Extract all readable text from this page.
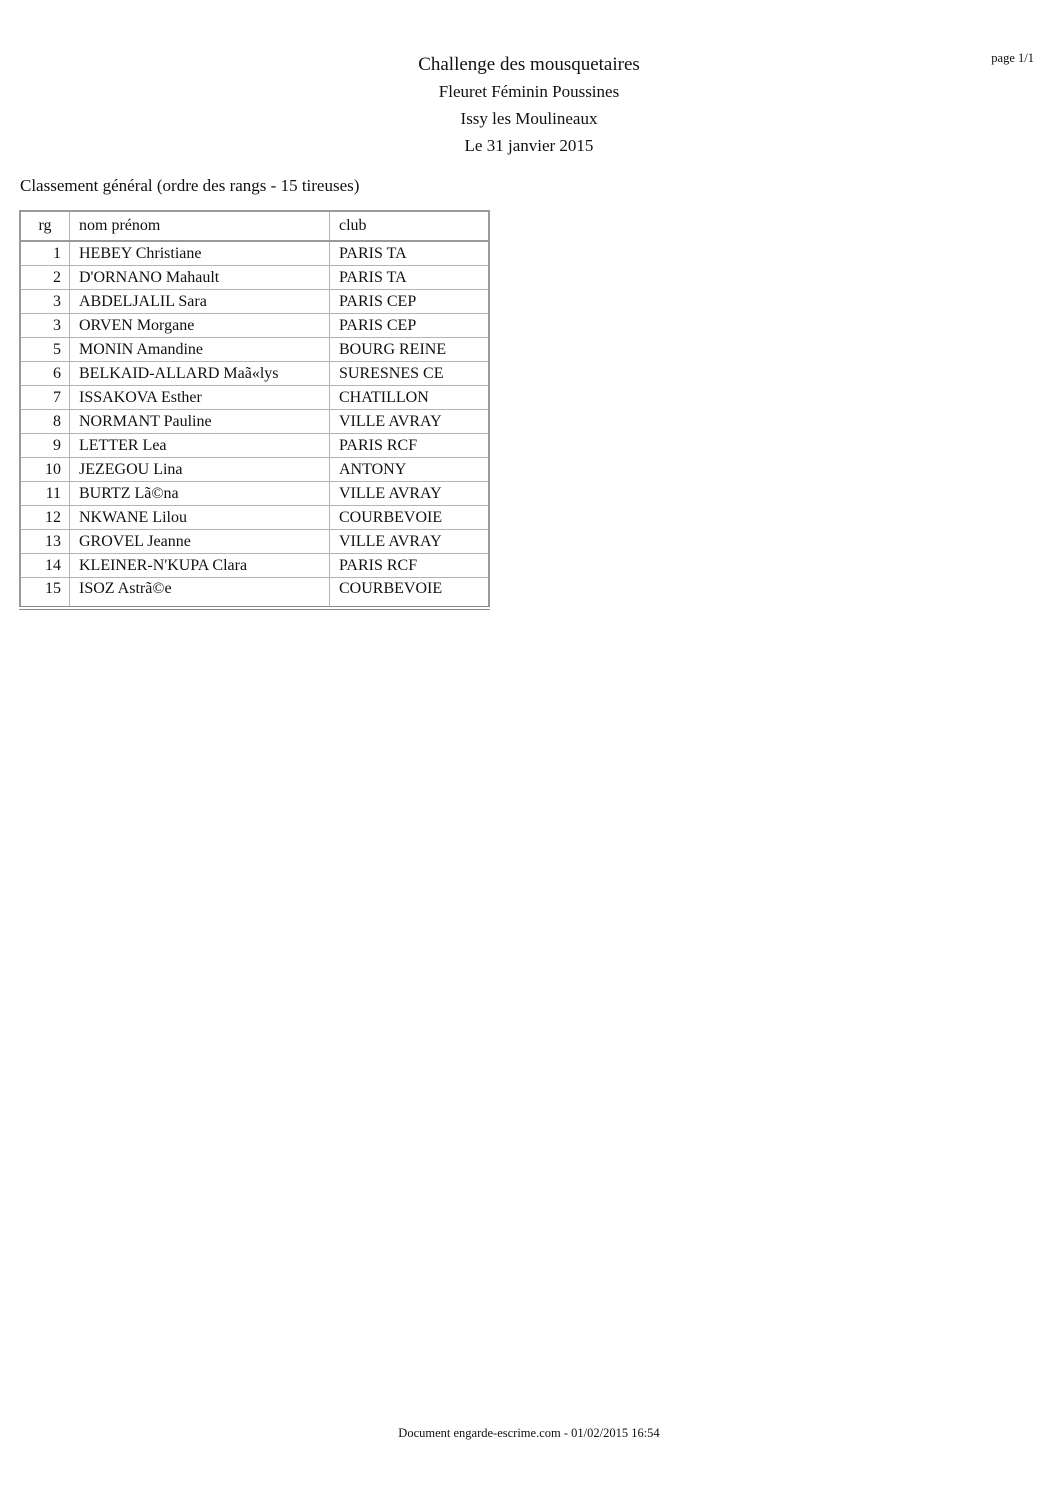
page 1/1
Challenge des mousquetaires
Fleuret Féminin Poussines
Issy les Moulineaux
Le 31 janvier 2015
Classement général (ordre des rangs - 15 tireuses)
rg	nom prénom	club
1	HEBEY Christiane	PARIS TA
2	D'ORNANO Mahault	PARIS TA
3	ABDELJALIL Sara	PARIS CEP
3	ORVEN Morgane	PARIS CEP
5	MONIN Amandine	BOURG REINE
6	BELKAID-ALLARD Maã«lys	SURESNES CE
7	ISSAKOVA Esther	CHATILLON
8	NORMANT Pauline	VILLE AVRAY
9	LETTER Lea	PARIS RCF
10	JEZEGOU Lina	ANTONY
11	BURTZ Lã©na	VILLE AVRAY
12	NKWANE Lilou	COURBEVOIE
13	GROVEL Jeanne	VILLE AVRAY
14	KLEINER-N'KUPA Clara	PARIS RCF
15	ISOZ Astrã©e	COURBEVOIE
Document engarde-escrime.com - 01/02/2015 16:54
